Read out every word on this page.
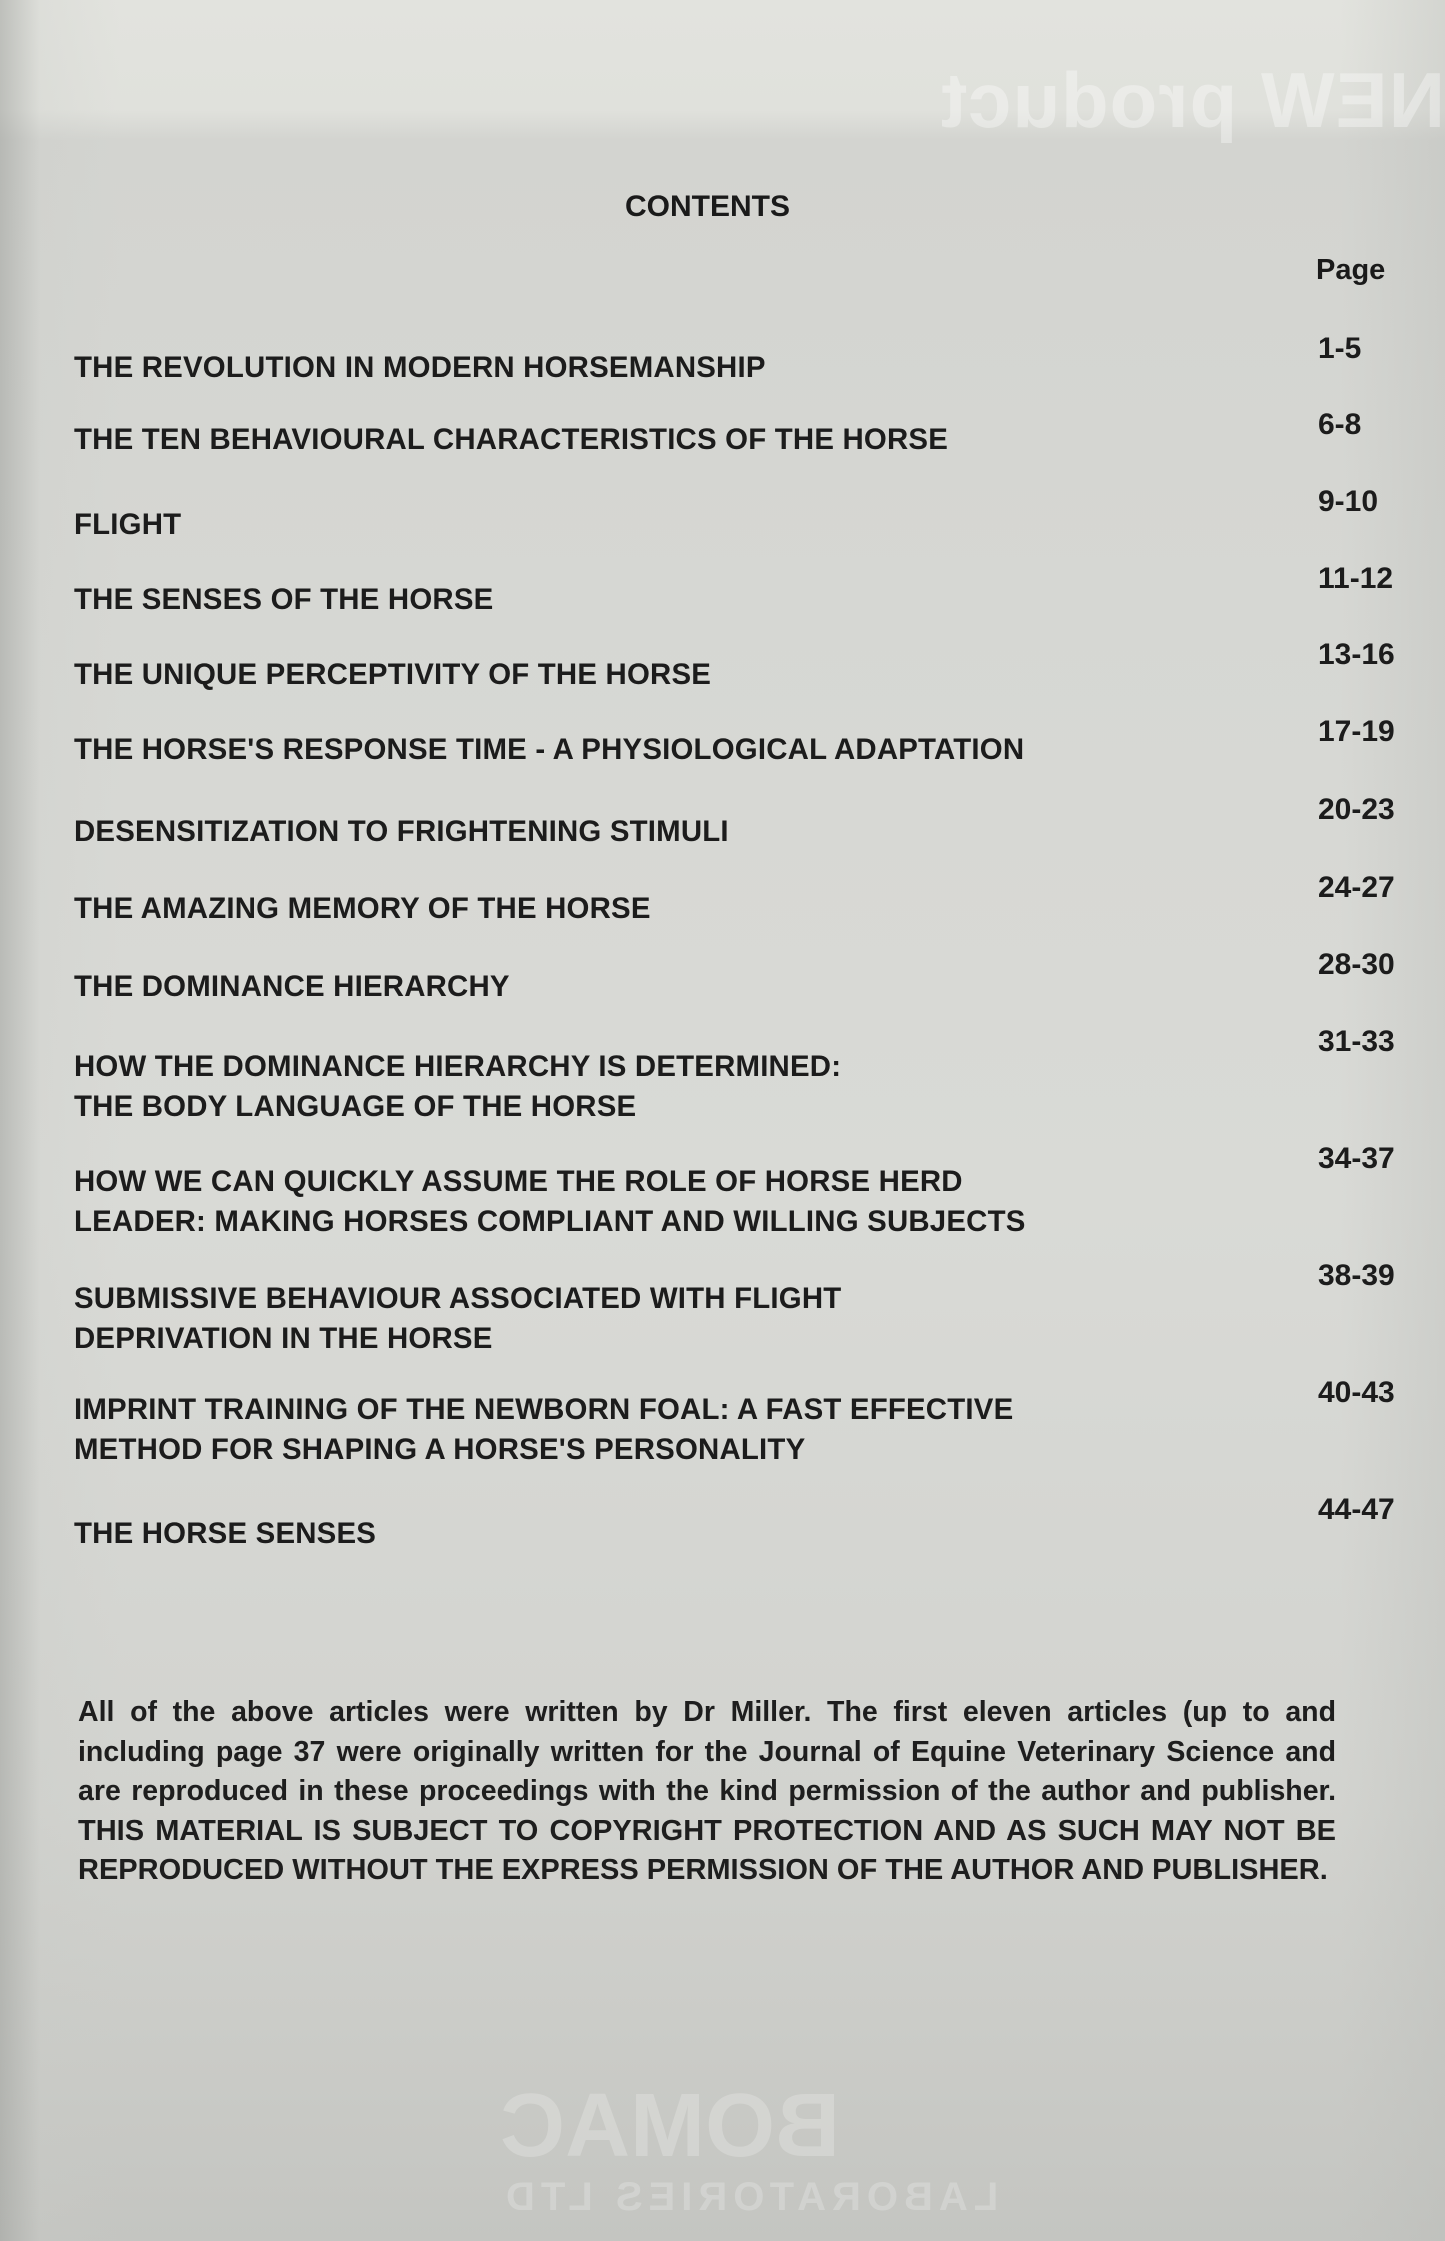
NEW product
BOMAC
LABORATORIES LTD
CONTENTS
Page
THE REVOLUTION IN MODERN HORSEMANSHIP
1-5
THE TEN BEHAVIOURAL CHARACTERISTICS OF THE HORSE	6-8
FLIGHT
9-10
THE SENSES OF THE HORSE
11-12
THE UNIQUE PERCEPTIVITY OF THE HORSE
13-16
THE HORSE'S RESPONSE TIME - A PHYSIOLOGICAL ADAPTATION
17-19
DESENSITIZATION TO FRIGHTENING STIMULI
20-23
THE AMAZING MEMORY OF THE HORSE
24-27
THE DOMINANCE HIERARCHY
28-30
HOW THE DOMINANCE HIERARCHY IS DETERMINED:
THE BODY LANGUAGE OF THE HORSE
31-33
HOW WE CAN QUICKLY ASSUME THE ROLE OF HORSE HERD
LEADER: MAKING HORSES COMPLIANT AND WILLING SUBJECTS
34-37
SUBMISSIVE BEHAVIOUR ASSOCIATED WITH FLIGHT
DEPRIVATION IN THE HORSE
38-39
IMPRINT TRAINING OF THE NEWBORN FOAL: A FAST EFFECTIVE
METHOD FOR SHAPING A HORSE'S PERSONALITY
40-43
THE HORSE SENSES
44-47
All of the above articles were written by Dr Miller. The first eleven articles (up to and including page 37 were originally written for the Journal of Equine Veterinary Science and are reproduced in these proceedings with the kind permission of the author and publisher. THIS MATERIAL IS SUBJECT TO COPYRIGHT PROTECTION AND AS SUCH MAY NOT BE REPRODUCED WITHOUT THE EXPRESS PERMISSION OF THE AUTHOR AND PUBLISHER.
